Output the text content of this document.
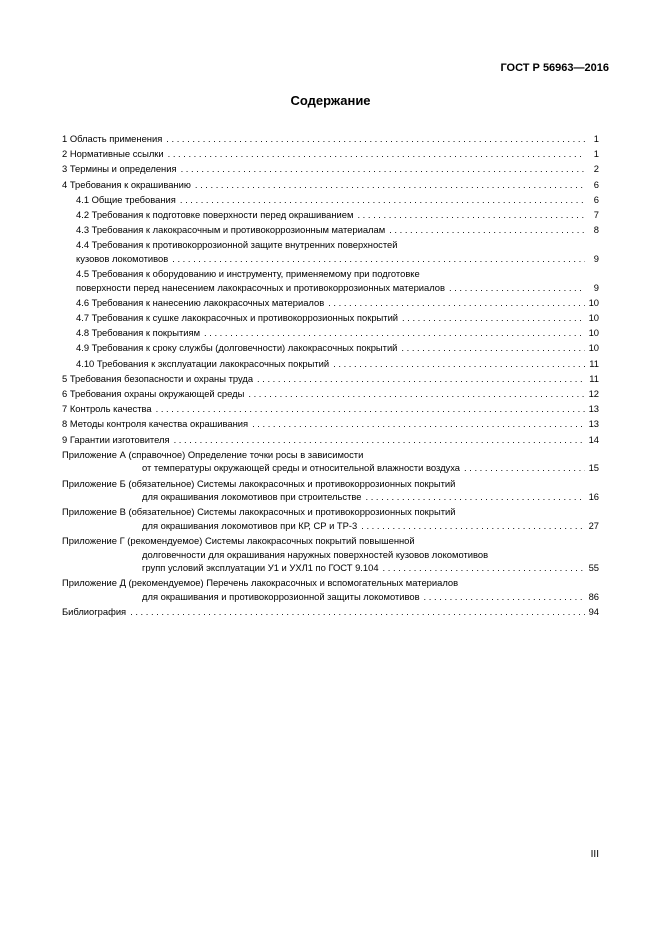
ГОСТ Р 56963—2016
Содержание
1 Область применения . . .	1
2 Нормативные ссылки . . .	1
3 Термины и определения . . .	2
4 Требования к окрашиванию . . .	6
4.1 Общие требования . . .	6
4.2 Требования к подготовке поверхности перед окрашиванием . . .	7
4.3 Требования к лакокрасочным и противокоррозионным материалам . . .	8
4.4 Требования к противокоррозионной защите внутренних поверхностей
кузовов локомотивов . . .	9
4.5 Требования к оборудованию и инструменту, применяемому при подготовке
поверхности перед нанесением лакокрасочных и противокоррозионных материалов . . .	9
4.6 Требования к нанесению лакокрасочных материалов . . .	10
4.7 Требования к сушке лакокрасочных и противокоррозионных покрытий . . .	10
4.8 Требования к покрытиям . . .	10
4.9 Требования к сроку службы (долговечности) лакокрасочных покрытий . . .	10
4.10 Требования к эксплуатации лакокрасочных покрытий . . .	11
5 Требования безопасности и охраны труда . . .	11
6 Требования охраны окружающей среды . . .	12
7 Контроль качества . . .	13
8 Методы контроля качества окрашивания . . .	13
9 Гарантии изготовителя . . .	14
Приложение А (справочное) Определение точки росы в зависимости
от температуры окружающей среды и относительной влажности воздуха . . .	15
Приложение Б (обязательное) Системы лакокрасочных и противокоррозионных покрытий
для окрашивания локомотивов при строительстве . . .	16
Приложение В (обязательное) Системы лакокрасочных и противокоррозионных покрытий
для окрашивания локомотивов при КР, СР и ТР-3 . . .	27
Приложение Г (рекомендуемое) Системы лакокрасочных покрытий повышенной
долговечности для окрашивания наружных поверхностей кузовов локомотивов
групп условий эксплуатации У1 и УХЛ1 по ГОСТ 9.104 . . .	55
Приложение Д (рекомендуемое) Перечень лакокрасочных и вспомогательных материалов
для окрашивания и противокоррозионной защиты локомотивов . . .	86
Библиография . . .	94
III
